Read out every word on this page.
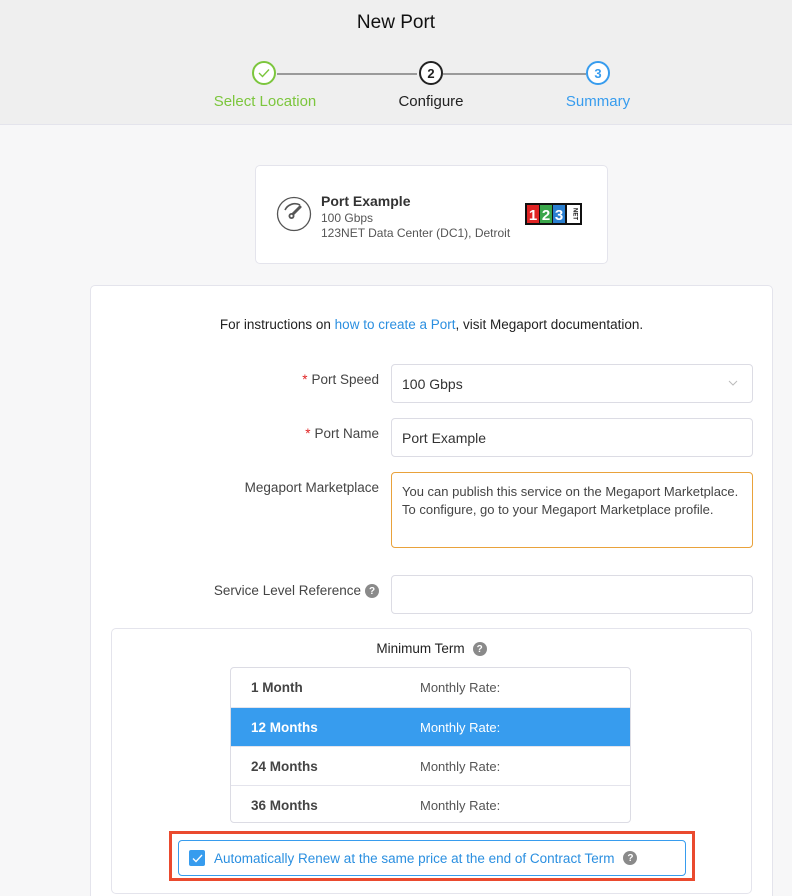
New Port
Select Location
2
Configure
3
Summary
Port Example
100 Gbps
123NET Data Center (DC1), Detroit
1 2 3 NET
For instructions on how to create a Port, visit Megaport documentation.
* Port Speed 100 Gbps
* Port Name Port Example
Megaport Marketplace	You can publish this service on the Megaport Marketplace. To configure, go to your Megaport Marketplace profile.
Service Level Reference ?
Minimum Term ?
1 Month	Monthly Rate:
12 Months	Monthly Rate:
24 Months	Monthly Rate:
36 Months	Monthly Rate:
Automatically Renew at the same price at the end of Contract Term	?
